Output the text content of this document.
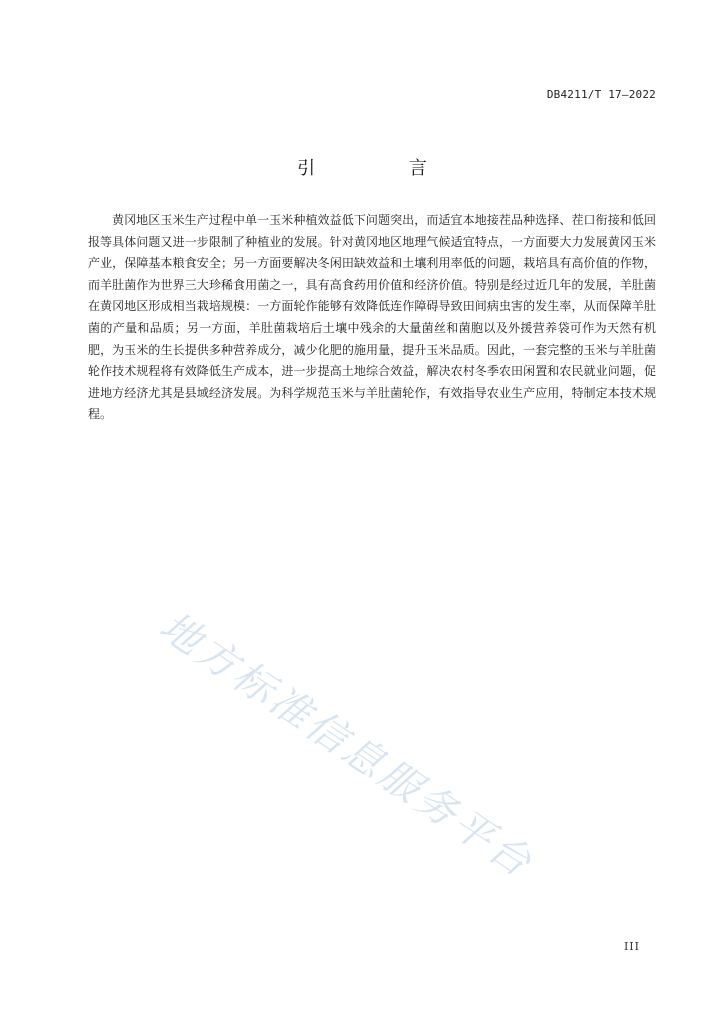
DB4211/T 17—2022
引 言

黄冈地区玉米生产过程中单一玉米种植效益低下问题突出，而适宜本地接茬品种选择、茬口衔接和低回报等具体问题又进一步限制了种植业的发展。针对黄冈地区地理气候适宜特点，一方面要大力发展黄冈玉米产业，保障基本粮食安全；另一方面要解决冬闲田缺效益和土壤利用率低的问题，栽培具有高价值的作物，而羊肚菌作为世界三大珍稀食用菌之一，具有高食药用价值和经济价值。特别是经过近几年的发展，羊肚菌在黄冈地区形成相当栽培规模：一方面轮作能够有效降低连作障碍导致田间病虫害的发生率，从而保障羊肚菌的产量和品质；另一方面，羊肚菌栽培后土壤中残余的大量菌丝和菌胞以及外援营养袋可作为天然有机肥，为玉米的生长提供多种营养成分，减少化肥的施用量，提升玉米品质。因此，一套完整的玉米与羊肚菌轮作技术规程将有效降低生产成本，进一步提高土地综合效益，解决农村冬季农田闲置和农民就业问题，促进地方经济尤其是县域经济发展。为科学规范玉米与羊肚菌轮作，有效指导农业生产应用，特制定本技术规程。

地方标准信息服务平台
III
